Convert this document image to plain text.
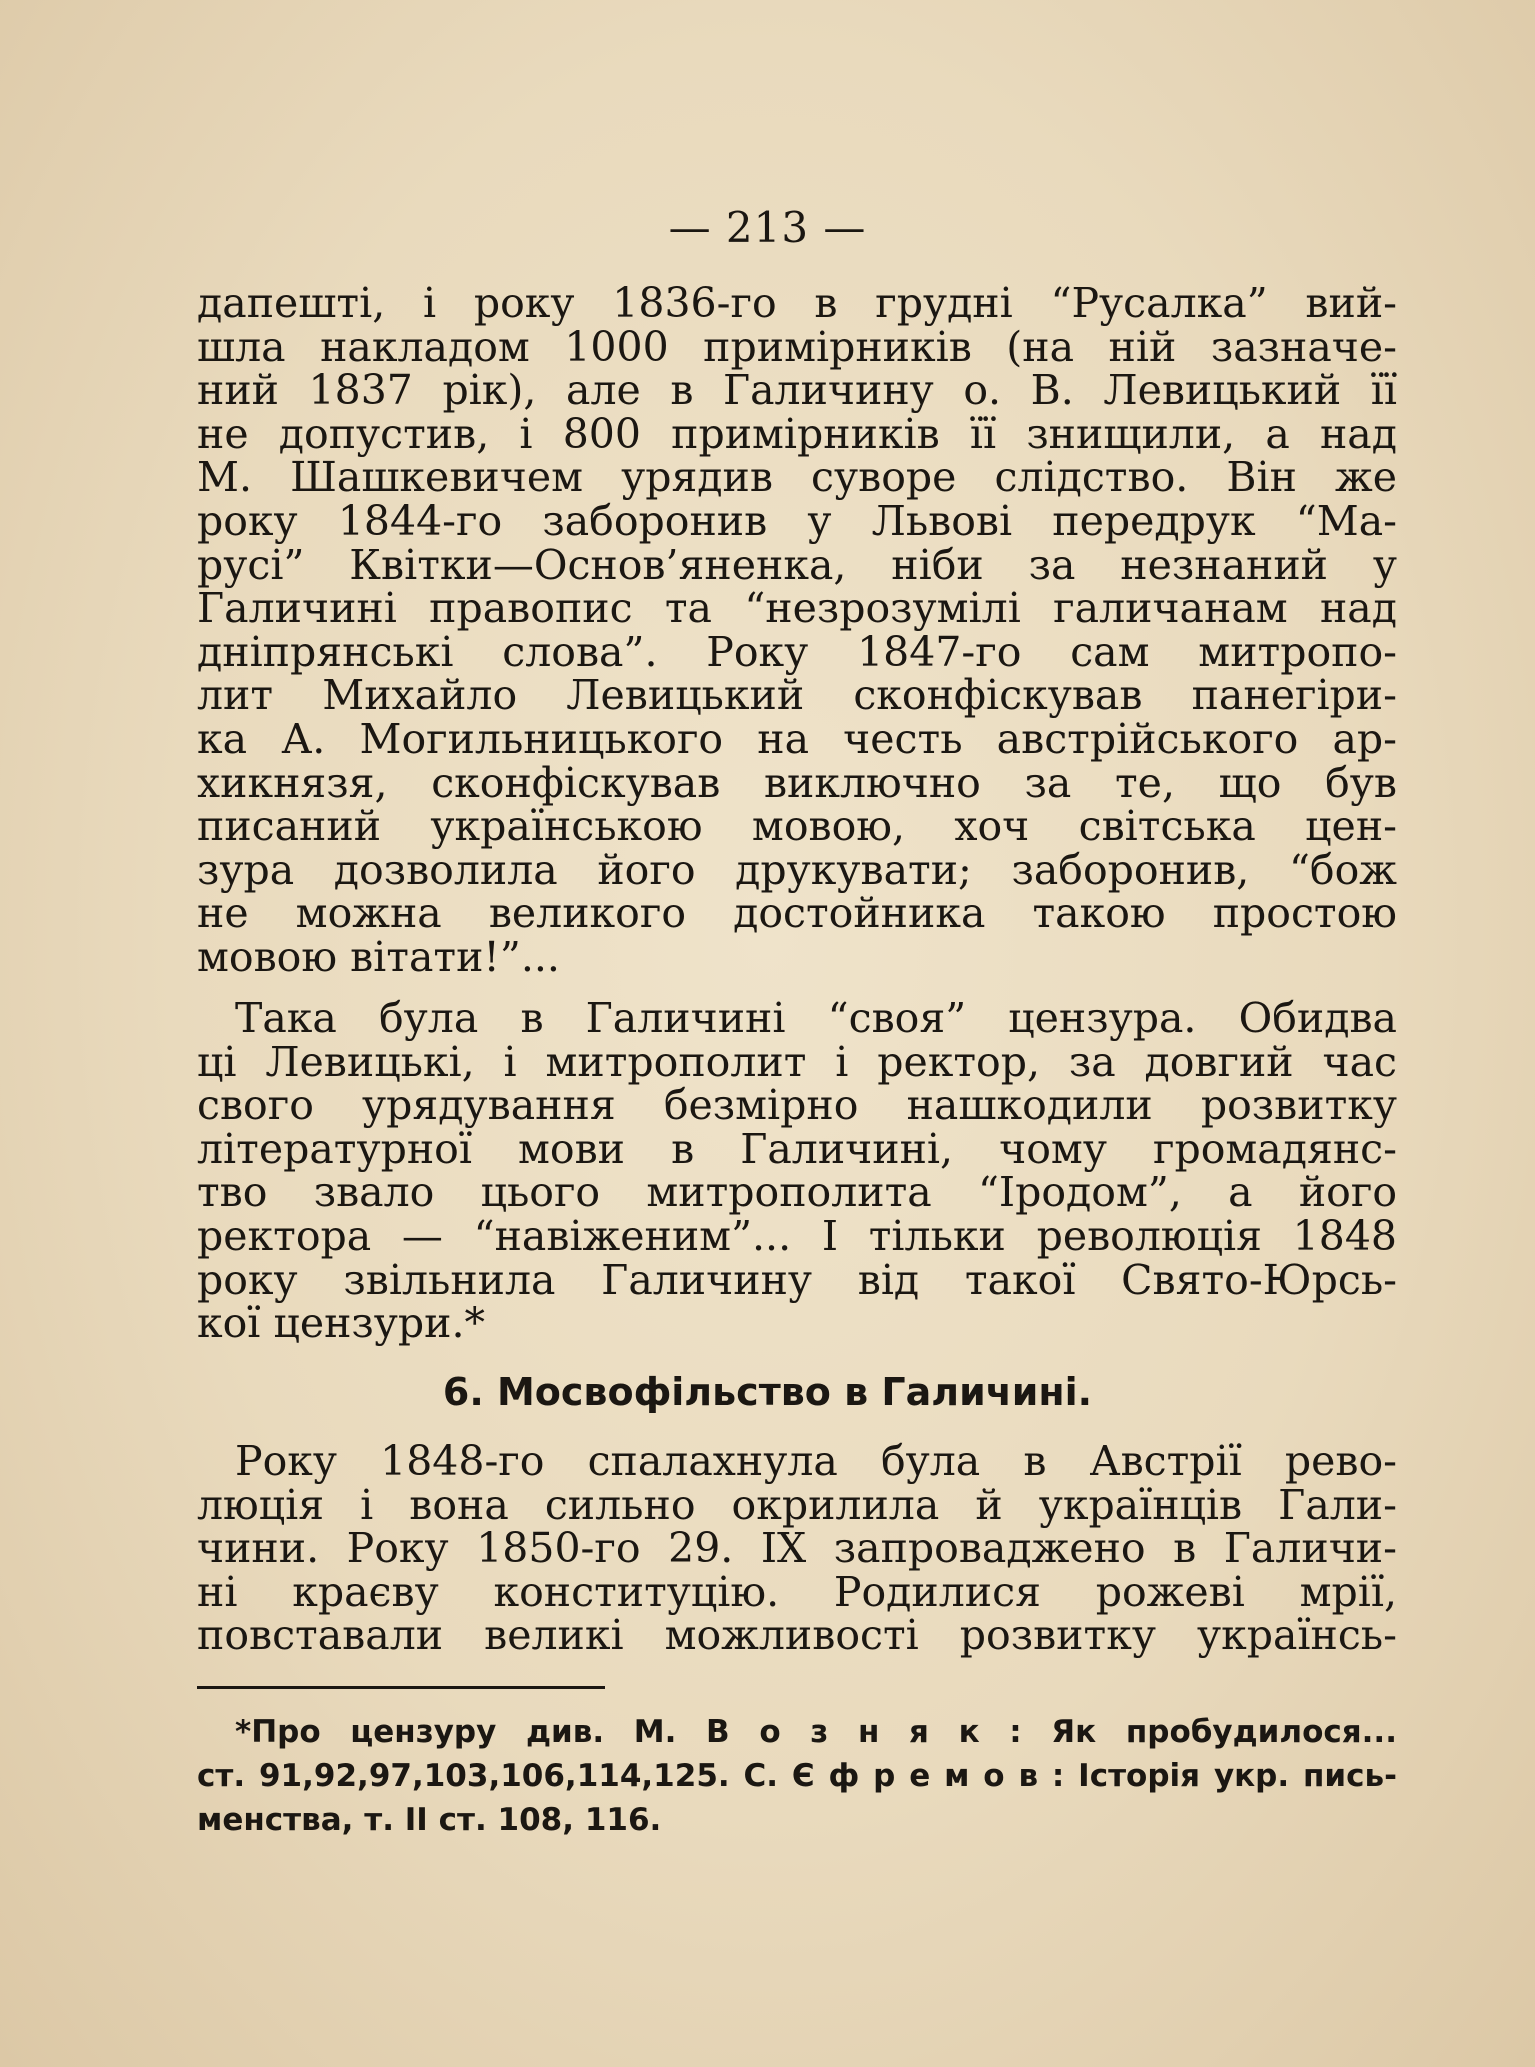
— 213 —
дапешті, і року 1836-го в грудні “Русалка” вий-
шла накладом 1000 примірників (на ній зазначе-
ний 1837 рік), але в Галичину о. В. Левицький її
не допустив, і 800 примірників її знищили, а над
М. Шашкевичем урядив суворе слідство. Він же
року 1844-го заборонив у Львові передрук “Ма-
русі” Квітки—Основ’яненка, ніби за незнаний у
Галичині правопис та “незрозумілі галичанам над
дніпрянські слова”. Року 1847-го сам митропо-
лит Михайло Левицький сконфіскував панегіри-
ка А. Могильницького на честь австрійського ар-
хикнязя, сконфіскував виключно за те, що був
писаний українською мовою, хоч світська цен-
зура дозволила його друкувати; заборонив, “бож
не можна великого достойника такою простою
мовою вітати!”...
Така була в Галичині “своя” цензура. Обидва
ці Левицькі, і митрополит і ректор, за довгий час
свого урядування безмірно нашкодили розвитку
літературної мови в Галичині, чому громадянс-
тво звало цього митрополита “Іродом”, а його
ректора — “навіженим”... І тільки революція 1848
року звільнила Галичину від такої Свято-Юрсь-
кої цензури.*
6. Мосвофільство в Галичині.
Року 1848-го спалахнула була в Австрії рево-
люція і вона сильно окрилила й українців Гали-
чини. Року 1850-го 29. IX запроваджено в Галичи-
ні краєву конституцію. Родилися рожеві мрії,
повставали великі можливості розвитку українсь-
*Про цензуру див. М. В о з н я к : Як пробудилося...
ст. 91,92,97,103,106,114,125. С. Є ф р е м о в : Історія укр. пись-
менства, т. II ст. 108, 116.
